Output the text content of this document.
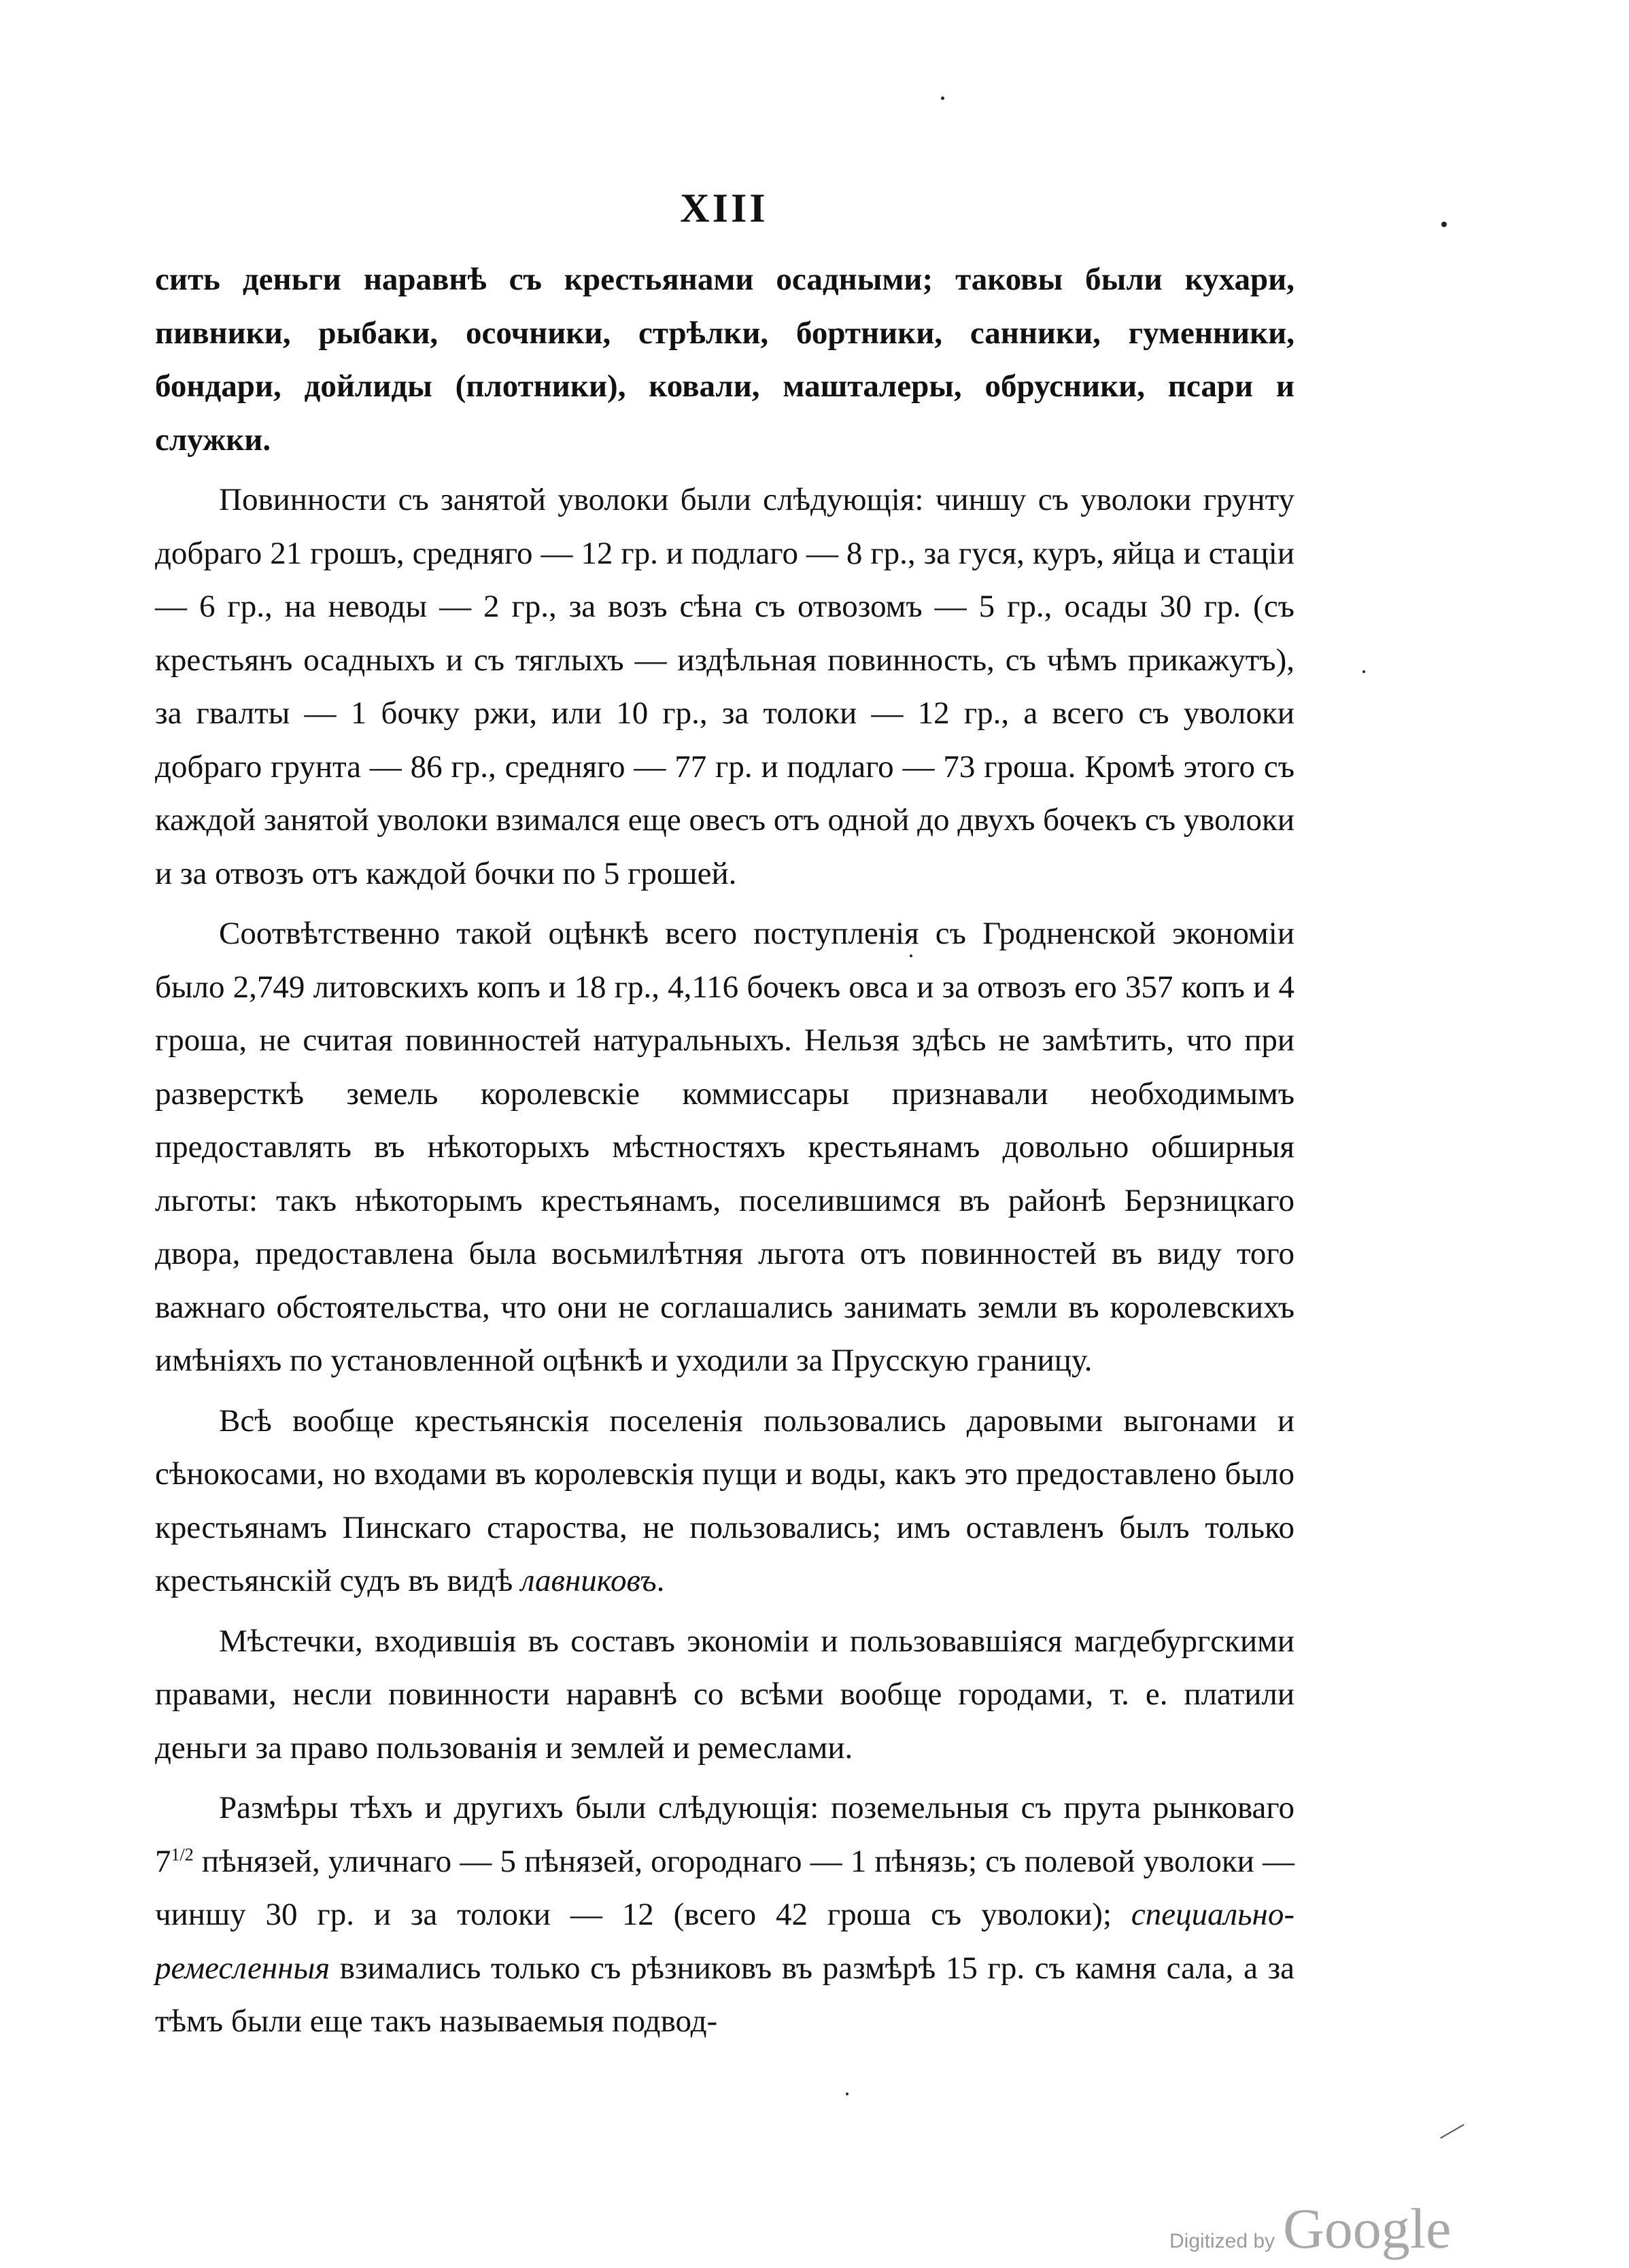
XIII

сить деньги наравнѣ съ крестьянами осадными; таковы были кухари, пивники, рыбаки, осочники, стрѣлки, бортники, санники, гуменники, бондари, дойлиды (плотники), ковали, маштaлеры, обрусники, псари и служки.

Повинности съ занятой уволоки были слѣдующія: чиншу съ уволоки грунту добраго 21 грошъ, средняго — 12 гр. и подлаго — 8 гр., за гуся, куръ, яйца и стацiи — 6 гр., на неводы — 2 гр., за возъ сѣна съ отвозомъ — 5 гр., осады 30 гр. (съ крестьянъ осадныхъ и съ тяглыхъ — издѣльная повинность, съ чѣмъ прикажутъ), за гвалты — 1 бочку ржи, или 10 гр., за толоки — 12 гр., а всего съ уволоки добраго грунта — 86 гр., средняго — 77 гр. и подлаго — 73 гроша. Кромѣ этого съ каждой занятой уволоки взимался еще овесъ отъ одной до двухъ бочекъ съ уволоки и за отвозъ отъ каждой бочки по 5 грошей.

Соотвѣтственно такой оцѣнкѣ всего поступленія съ Гродненской экономiи было 2,749 литовскихъ копъ и 18 гр., 4,116 бочекъ овса и за отвозъ его 357 копъ и 4 гроша, не считая повинностей натуральныхъ. Нельзя здѣсь не замѣтить, что при разверсткѣ земель королевскіе коммиссары признавали необходимымъ предоставлять въ нѣкоторыхъ мѣстностяхъ крестьянамъ довольно обширныя льготы: такъ нѣкоторымъ крестьянамъ, поселившимся въ районѣ Берзницкаго двора, предоставлена была восьмилѣтняя льгота отъ повинностей въ виду того важнаго обстоятельства, что они не соглашались занимать земли въ королевскихъ имѣніяхъ по установленной оцѣнкѣ и уходили за Прусскую границу.

Всѣ вообще крестьянскія поселенія пользовались даровыми выгонами и сѣнокосами, но входами въ королевскія пущи и воды, какъ это предоставлено было крестьянамъ Пинскаго староства, не пользовались; имъ оставленъ былъ только крестьянскiй судъ въ видѣ лавниковъ.

Мѣстечки, входившія въ составъ экономiи и пользовавшіяся магдебургскими правами, несли повинности наравнѣ со всѣми вообще городами, т. е. платили деньги за право пользованія и землей и ремеслами.

Размѣры тѣхъ и другихъ были слѣдующія: поземельныя съ прута рынковаго $7^{1/2}$ пѣнязей, уличнаго — 5 пѣнязей, огороднаго — 1 пѣнязь; съ полевой уволоки — чиншу 30 гр. и за толоки — 12 (всего 42 гроша съ уволоки); специально-ремесленныя взимались только съ рѣзниковъ въ размѣрѣ 15 гр. съ камня сала, а за тѣмъ были еще такъ называемыя подвод-

Digitized by Google
